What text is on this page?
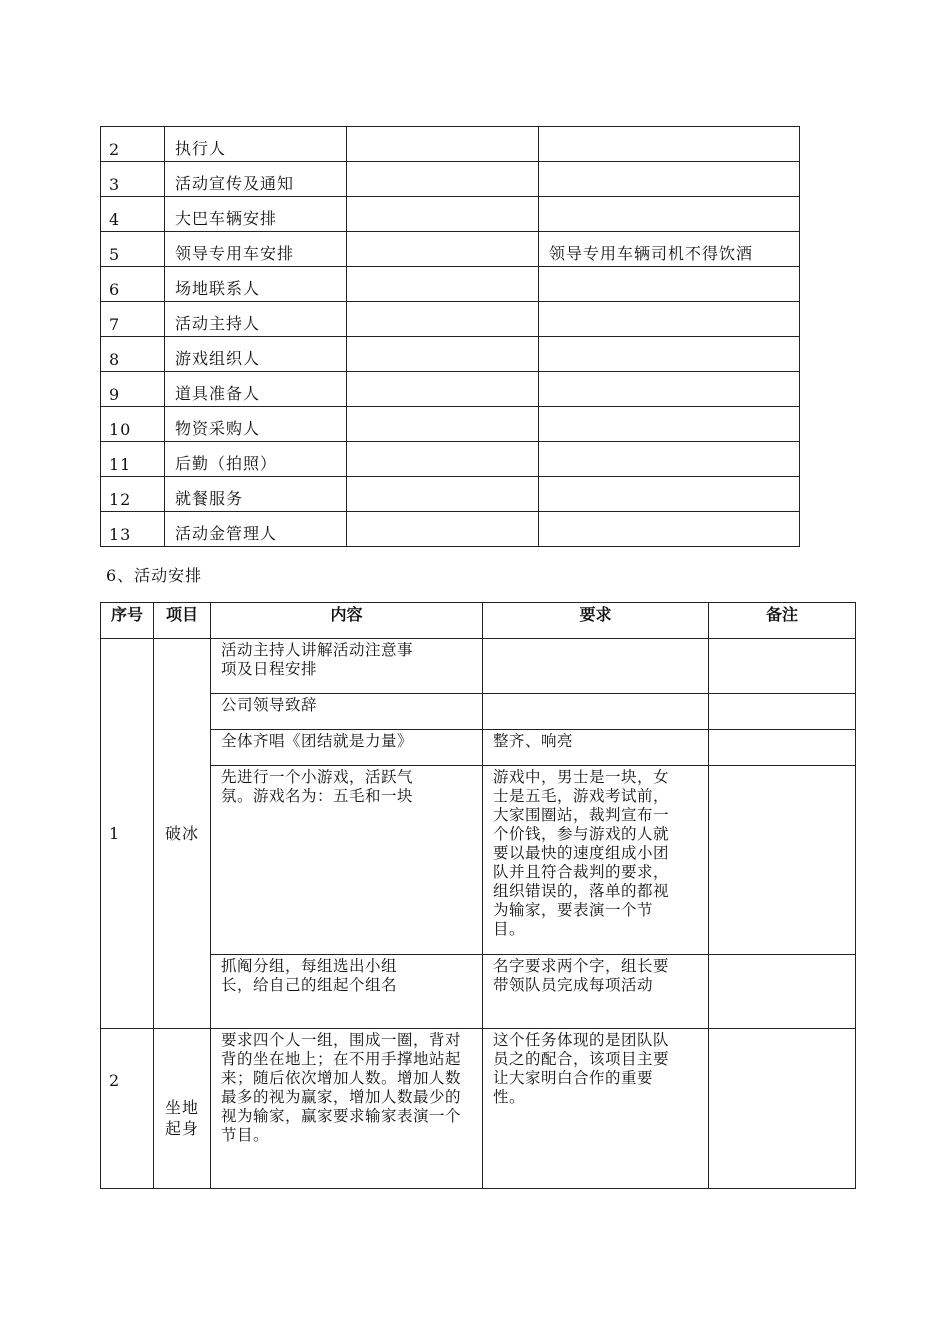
2	执行人		
3	活动宣传及通知		
4	大巴车辆安排		
5	领导专用车安排		领导专用车辆司机不得饮酒
6	场地联系人		
7	活动主持人		
8	游戏组织人		
9	道具准备人		
10	物资采购人		
11	后勤（拍照）		
12	就餐服务		
13	活动金管理人		
6、活动安排
序号	项目	内容	要求	备注
1	破冰	活动主持人讲解活动注意事项及日程安排		

		公司领导致辞		
		全体齐唱《团结就是力量》	整齐、响亮	

		先进行一个小游戏，活跃气氛。游戏名为：五毛和一块	游戏中，男士是一块，女士是五毛，游戏考试前，大家围圈站，裁判宣布一个价钱，参与游戏的人就要以最快的速度组成小团队并且符合裁判的要求，组织错误的，落单的都视为输家，要表演一个节目。	

		抓阄分组，每组选出小组长，给自己的组起个组名	名字要求两个字，组长要带领队员完成每项活动	

2	坐地起身	要求四个人一组，围成一圈，背对背的坐在地上；在不用手撑地站起来；随后依次增加人数。增加人数最多的视为赢家，增加人数最少的视为输家，赢家要求输家表演一个节目。	这个任务体现的是团队队员之的配合，该项目主要让大家明白合作的重要性。	
